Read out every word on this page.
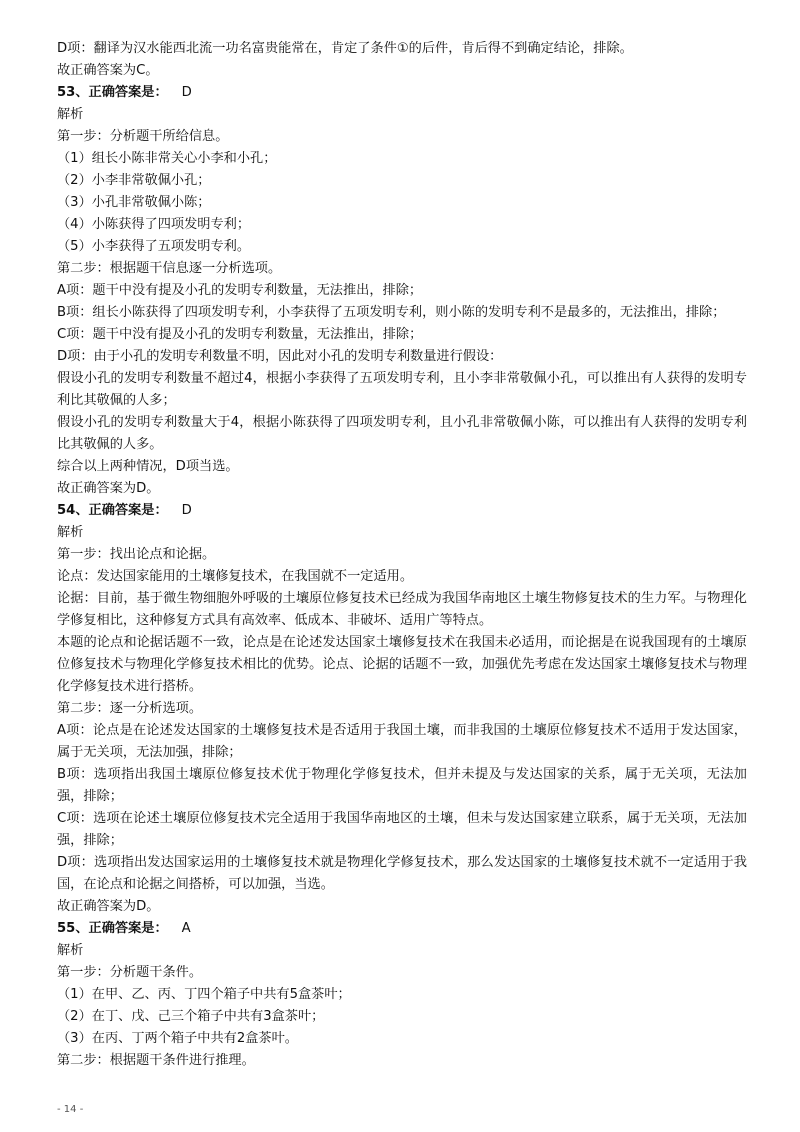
D项：翻译为汉水能西北流一功名富贵能常在，肯定了条件①的后件，肯后得不到确定结论，排除。
故正确答案为C。
53、正确答案是： D
解析
第一步：分析题干所给信息。
（1）组长小陈非常关心小李和小孔；
（2）小李非常敬佩小孔；
（3）小孔非常敬佩小陈；
（4）小陈获得了四项发明专利；
（5）小李获得了五项发明专利。
第二步：根据题干信息逐一分析选项。
A项：题干中没有提及小孔的发明专利数量，无法推出，排除；
B项：组长小陈获得了四项发明专利，小李获得了五项发明专利，则小陈的发明专利不是最多的，无法推出，排除；
C项：题干中没有提及小孔的发明专利数量，无法推出，排除；
D项：由于小孔的发明专利数量不明，因此对小孔的发明专利数量进行假设：
假设小孔的发明专利数量不超过4，根据小李获得了五项发明专利，且小李非常敬佩小孔，可以推出有人获得的发明专利比其敬佩的人多；
假设小孔的发明专利数量大于4，根据小陈获得了四项发明专利，且小孔非常敬佩小陈，可以推出有人获得的发明专利比其敬佩的人多。
综合以上两种情况，D项当选。
故正确答案为D。
54、正确答案是： D
解析
第一步：找出论点和论据。
论点：发达国家能用的土壤修复技术，在我国就不一定适用。
论据：目前，基于微生物细胞外呼吸的土壤原位修复技术已经成为我国华南地区土壤生物修复技术的生力军。与物理化学修复相比，这种修复方式具有高效率、低成本、非破坏、适用广等特点。
本题的论点和论据话题不一致，论点是在论述发达国家土壤修复技术在我国未必适用，而论据是在说我国现有的土壤原位修复技术与物理化学修复技术相比的优势。论点、论据的话题不一致，加强优先考虑在发达国家土壤修复技术与物理化学修复技术进行搭桥。
第二步：逐一分析选项。
A项：论点是在论述发达国家的土壤修复技术是否适用于我国土壤，而非我国的土壤原位修复技术不适用于发达国家，属于无关项，无法加强，排除；
B项：选项指出我国土壤原位修复技术优于物理化学修复技术，但并未提及与发达国家的关系，属于无关项，无法加强，排除；
C项：选项在论述土壤原位修复技术完全适用于我国华南地区的土壤，但未与发达国家建立联系，属于无关项，无法加强，排除；
D项：选项指出发达国家运用的土壤修复技术就是物理化学修复技术，那么发达国家的土壤修复技术就不一定适用于我国，在论点和论据之间搭桥，可以加强，当选。
故正确答案为D。
55、正确答案是： A
解析
第一步：分析题干条件。
（1）在甲、乙、丙、丁四个箱子中共有5盒茶叶；
（2）在丁、戊、己三个箱子中共有3盒茶叶；
（3）在丙、丁两个箱子中共有2盒茶叶。
第二步：根据题干条件进行推理。
- 14 -
